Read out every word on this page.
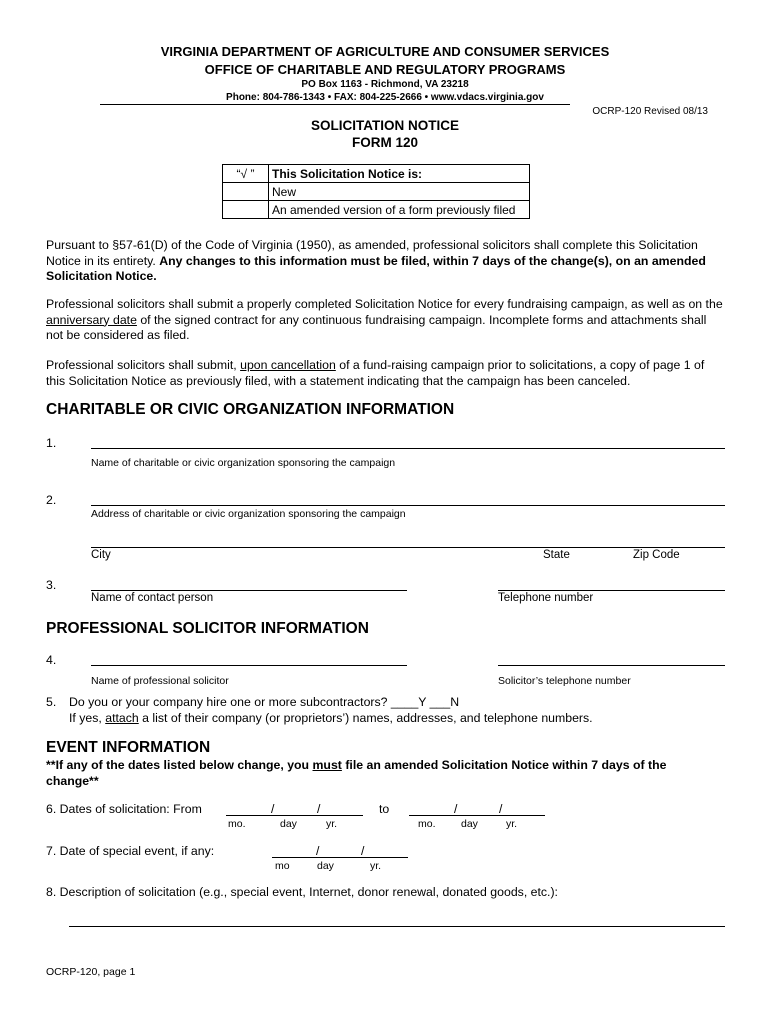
VIRGINIA DEPARTMENT OF AGRICULTURE AND CONSUMER SERVICES
OFFICE OF CHARITABLE AND REGULATORY PROGRAMS
PO Box 1163 - Richmond, VA 23218
Phone: 804-786-1343 • FAX: 804-225-2666 • www.vdacs.virginia.gov
OCRP-120 Revised 08/13
SOLICITATION NOTICE
FORM 120
“√ ”	This Solicitation Notice is:
	New
	An amended version of a form previously filed
Pursuant to §57-61(D) of the Code of Virginia (1950), as amended, professional solicitors shall complete this Solicitation Notice in its entirety. Any changes to this information must be filed, within 7 days of the change(s), on an amended Solicitation Notice.
Professional solicitors shall submit a properly completed Solicitation Notice for every fundraising campaign, as well as on the anniversary date of the signed contract for any continuous fundraising campaign. Incomplete forms and attachments shall not be considered as filed.
Professional solicitors shall submit, upon cancellation of a fund-raising campaign prior to solicitations, a copy of page 1 of this Solicitation Notice as previously filed, with a statement indicating that the campaign has been canceled.
CHARITABLE OR CIVIC ORGANIZATION INFORMATION
1.
Name of charitable or civic organization sponsoring the campaign
2.
Address of charitable or civic organization sponsoring the campaign
City	State	Zip Code
3.
Name of contact person	Telephone number
PROFESSIONAL SOLICITOR INFORMATION
4.
Name of professional solicitor	Solicitor’s telephone number
5. Do you or your company hire one or more subcontractors? ____Y ___N
If yes, attach a list of their company (or proprietors’) names, addresses, and telephone numbers.
EVENT INFORMATION
**If any of the dates listed below change, you must file an amended Solicitation Notice within 7 days of the change**
6. Dates of solicitation: From	/	/
mo.	day	yr.
to	/	/
mo. day	yr.
7. Date of special event, if any:	/	/
mo	day	yr.
8. Description of solicitation (e.g., special event, Internet, donor renewal, donated goods, etc.):
OCRP-120, page 1
